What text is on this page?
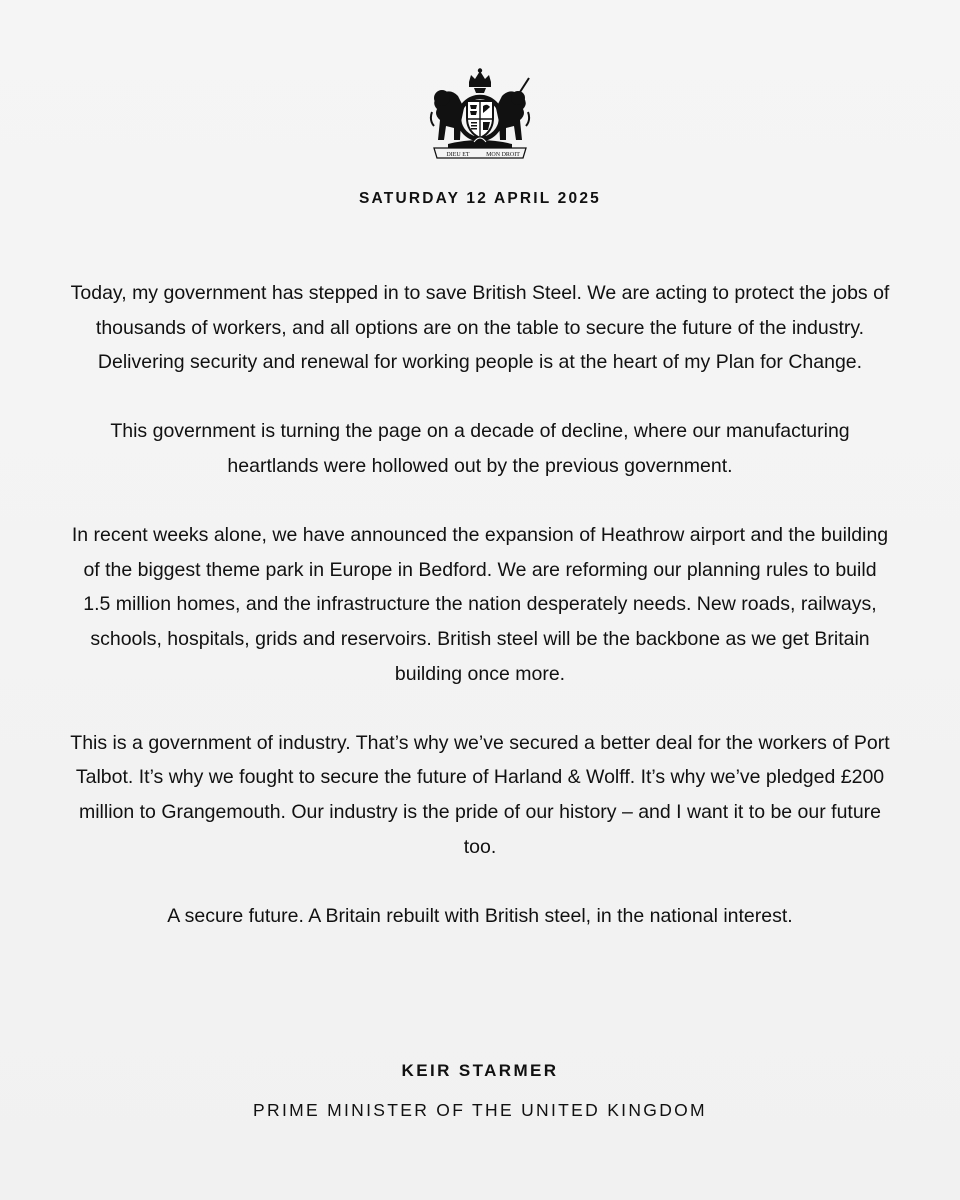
DIEU ET	MON DROIT
SATURDAY 12 APRIL 2025

Today, my government has stepped in to save British Steel. We are acting to protect the jobs of thousands of workers, and all options are on the table to secure the future of the industry. Delivering security and renewal for working people is at the heart of my Plan for Change.

This government is turning the page on a decade of decline, where our manufacturing heartlands were hollowed out by the previous government.

In recent weeks alone, we have announced the expansion of Heathrow airport and the building of the biggest theme park in Europe in Bedford. We are reforming our planning rules to build 1.5 million homes, and the infrastructure the nation desperately needs. New roads, railways, schools, hospitals, grids and reservoirs. British steel will be the backbone as we get Britain building once more.

This is a government of industry. That’s why we’ve secured a better deal for the workers of Port Talbot. It’s why we fought to secure the future of Harland & Wolff. It’s why we’ve pledged £200 million to Grangemouth. Our industry is the pride of our history – and I want it to be our future too.

A secure future. A Britain rebuilt with British steel, in the national interest.

KEIR STARMER
PRIME MINISTER OF THE UNITED KINGDOM
